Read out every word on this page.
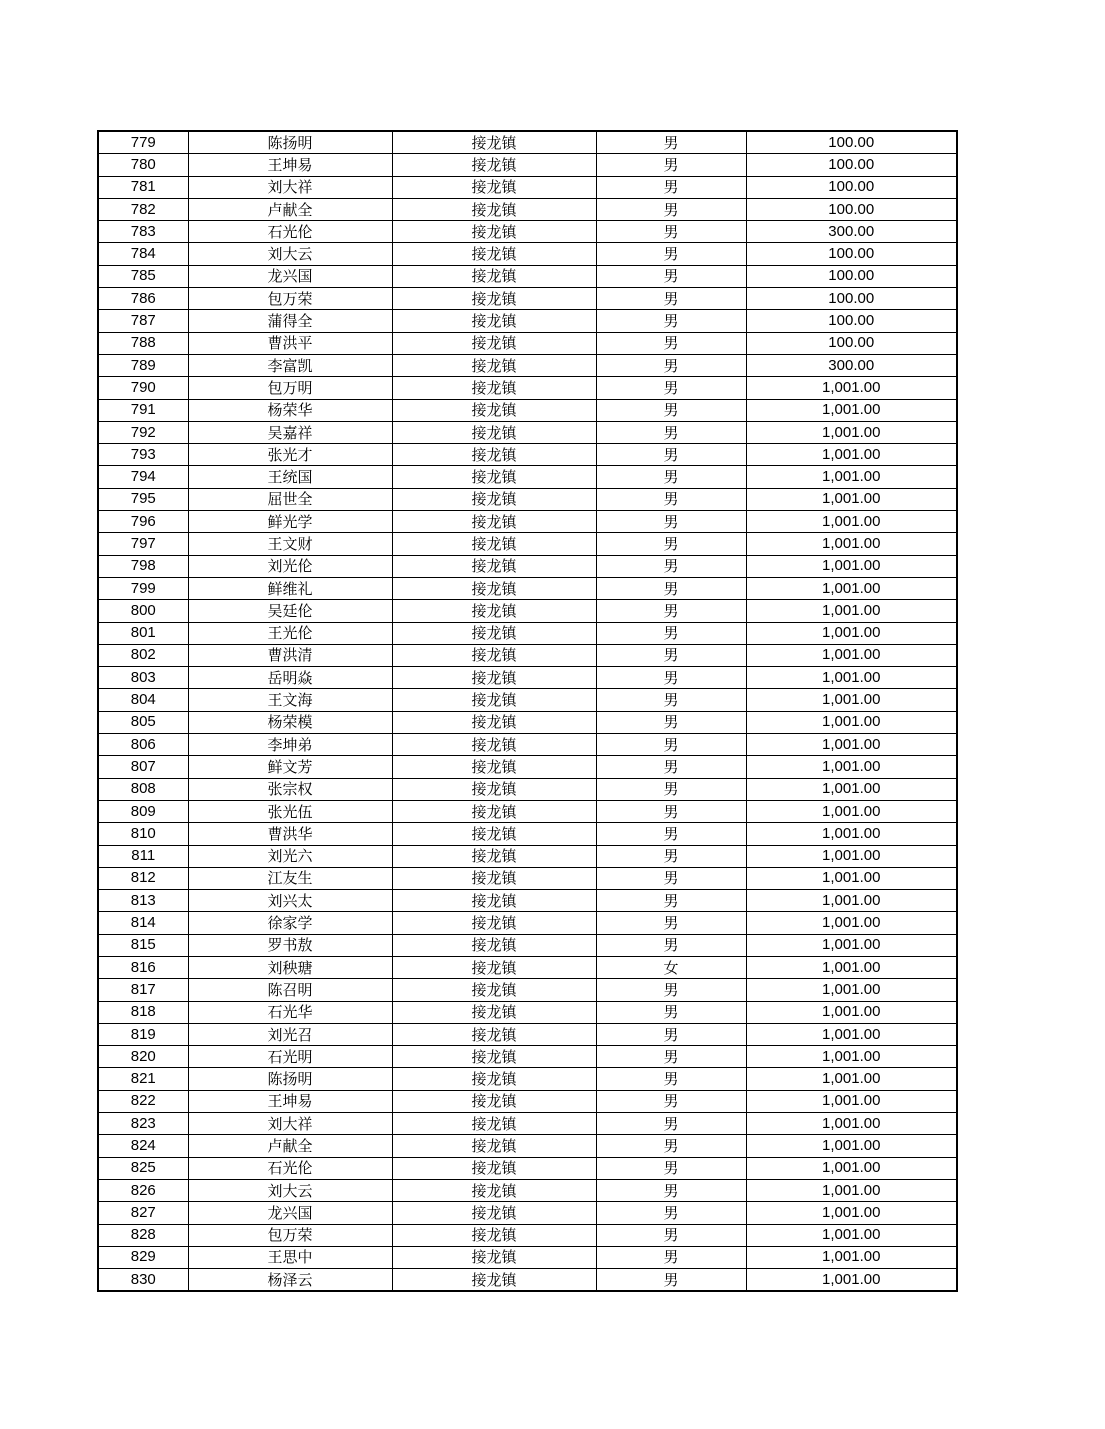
779	陈扬明	接龙镇	男	100.00
780	王坤易	接龙镇	男	100.00
781	刘大祥	接龙镇	男	100.00
782	卢献全	接龙镇	男	100.00
783	石光伦	接龙镇	男	300.00
784	刘大云	接龙镇	男	100.00
785	龙兴国	接龙镇	男	100.00
786	包万荣	接龙镇	男	100.00
787	蒲得全	接龙镇	男	100.00
788	曹洪平	接龙镇	男	100.00
789	李富凯	接龙镇	男	300.00
790	包万明	接龙镇	男	1,001.00
791	杨荣华	接龙镇	男	1,001.00
792	吴嘉祥	接龙镇	男	1,001.00
793	张光才	接龙镇	男	1,001.00
794	王统国	接龙镇	男	1,001.00
795	屈世全	接龙镇	男	1,001.00
796	鲜光学	接龙镇	男	1,001.00
797	王文财	接龙镇	男	1,001.00
798	刘光伦	接龙镇	男	1,001.00
799	鲜维礼	接龙镇	男	1,001.00
800	吴廷伦	接龙镇	男	1,001.00
801	王光伦	接龙镇	男	1,001.00
802	曹洪清	接龙镇	男	1,001.00
803	岳明焱	接龙镇	男	1,001.00
804	王文海	接龙镇	男	1,001.00
805	杨荣模	接龙镇	男	1,001.00
806	李坤弟	接龙镇	男	1,001.00
807	鲜文芳	接龙镇	男	1,001.00
808	张宗权	接龙镇	男	1,001.00
809	张光伍	接龙镇	男	1,001.00
810	曹洪华	接龙镇	男	1,001.00
811	刘光六	接龙镇	男	1,001.00
812	江友生	接龙镇	男	1,001.00
813	刘兴太	接龙镇	男	1,001.00
814	徐家学	接龙镇	男	1,001.00
815	罗书敖	接龙镇	男	1,001.00
816	刘秧瑭	接龙镇	女	1,001.00
817	陈召明	接龙镇	男	1,001.00
818	石光华	接龙镇	男	1,001.00
819	刘光召	接龙镇	男	1,001.00
820	石光明	接龙镇	男	1,001.00
821	陈扬明	接龙镇	男	1,001.00
822	王坤易	接龙镇	男	1,001.00
823	刘大祥	接龙镇	男	1,001.00
824	卢献全	接龙镇	男	1,001.00
825	石光伦	接龙镇	男	1,001.00
826	刘大云	接龙镇	男	1,001.00
827	龙兴国	接龙镇	男	1,001.00
828	包万荣	接龙镇	男	1,001.00
829	王思中	接龙镇	男	1,001.00
830	杨泽云	接龙镇	男	1,001.00
